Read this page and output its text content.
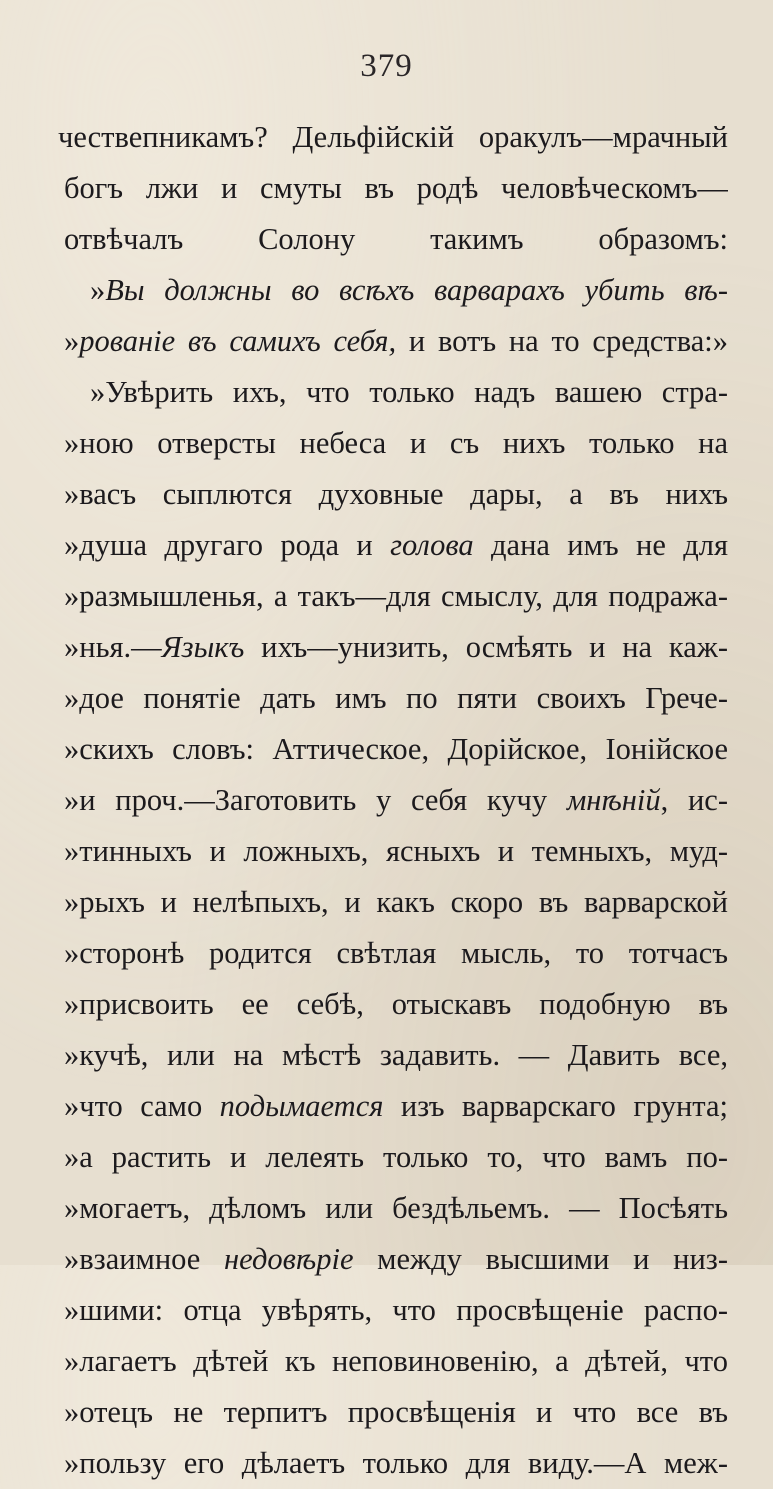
379
чествепникамъ? Дельфійскій оракулъ—мрачный
богъ лжи и смуты въ родѣ человѣческомъ—
отвѣчалъ Солону такимъ образомъ:
»Вы должны во всѣхъ варварахъ убить вѣ-
»рованіе въ самихъ себя, и вотъ на то средства:»
»Увѣрить ихъ, что только надъ вашею стра-
»ною отверсты небеса и съ нихъ только на
»васъ сыплются духовные дары, а въ нихъ
»душа другаго рода и голова дана имъ не для
»размышленья, а такъ—для смыслу, для подража-
»нья.—Языкъ ихъ—унизить, осмѣять и на каж-
»дое понятіе дать имъ по пяти своихъ Грече-
»скихъ словъ: Аттическое, Дорійское, Іонійское
»и проч.—Заготовить у себя кучу мнѣній, ис-
»тинныхъ и ложныхъ, ясныхъ и темныхъ, муд-
»рыхъ и нелѣпыхъ, и какъ скоро въ варварской
»сторонѣ родится свѣтлая мысль, то тотчасъ
»присвоить ее себѣ, отыскавъ подобную въ
»кучѣ, или на мѣстѣ задавить. — Давить все,
»что само подымается изъ варварскаго грунта;
»а растить и лелеять только то, что вамъ по-
»могаетъ, дѣломъ или бездѣльемъ. — Посѣять
»взаимное недовѣріе между высшими и низ-
»шими: отца увѣрять, что просвѣщеніе распо-
»лагаетъ дѣтей къ неповиновенію, а дѣтей, что
»отецъ не терпитъ просвѣщенія и что все въ
»пользу его дѣлаетъ только для виду.—А меж-
